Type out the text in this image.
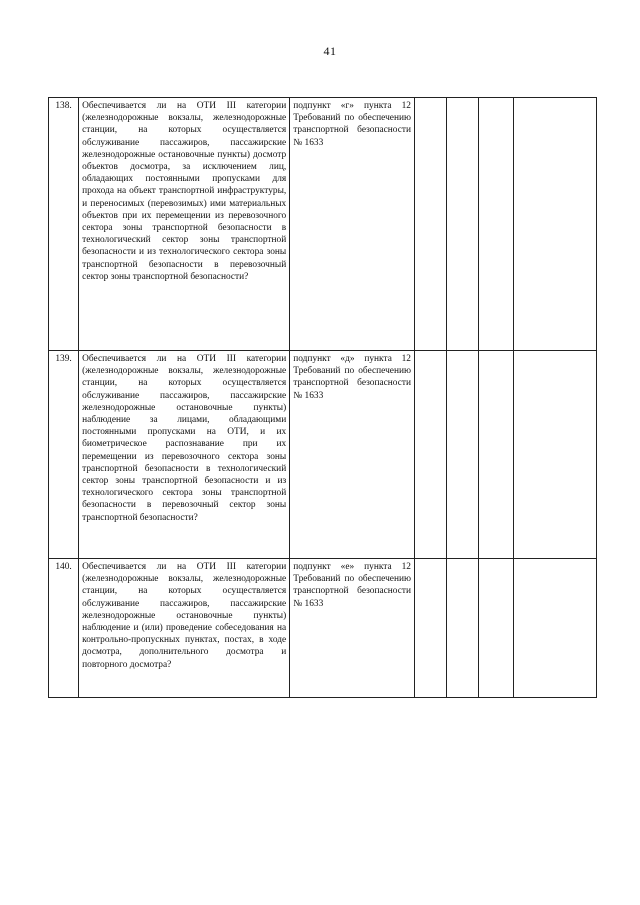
41
138.	Обеспечивается ли на ОТИ III категории (железнодорожные вокзалы, железнодорожные станции, на которых осуществляется обслуживание пассажиров, пассажирские железнодорожные остановочные пункты) досмотр объектов досмотра, за исключением лиц, обладающих постоянными пропусками для прохода на объект транспортной инфраструктуры, и переносимых (перевозимых) ими материальных объектов при их перемещении из перевозочного сектора зоны транспортной безопасности в технологический сектор зоны транспортной безопасности и из технологического сектора зоны транспортной безопасности в перевозочный сектор зоны транспортной безопасности?	подпункт «г» пункта 12 Требований по обеспечению транспортной безопасности № 1633				
139.	Обеспечивается ли на ОТИ III категории (железнодорожные вокзалы, железнодорожные станции, на которых осуществляется обслуживание пассажиров, пассажирские железнодорожные остановочные пункты) наблюдение за лицами, обладающими постоянными пропусками на ОТИ, и их биометрическое распознавание при их перемещении из перевозочного сектора зоны транспортной безопасности в технологический сектор зоны транспортной безопасности и из технологического сектора зоны транспортной безопасности в перевозочный сектор зоны транспортной безопасности?	подпункт «д» пункта 12 Требований по обеспечению транспортной безопасности № 1633				
140.	Обеспечивается ли на ОТИ III категории (железнодорожные вокзалы, железнодорожные станции, на которых осуществляется обслуживание пассажиров, пассажирские железнодорожные остановочные пункты) наблюдение и (или) проведение собеседования на контрольно-пропускных пунктах, постах, в ходе досмотра, дополнительного досмотра и повторного досмотра?	подпункт «е» пункта 12 Требований по обеспечению транспортной безопасности № 1633				
